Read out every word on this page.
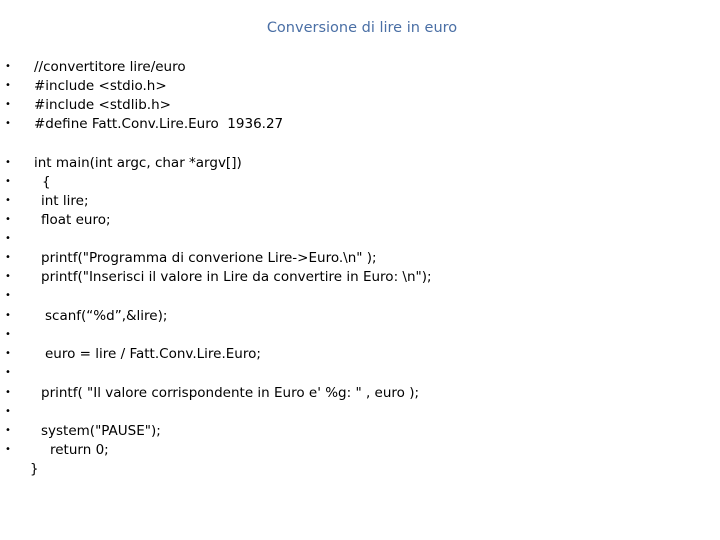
Conversione di lire in euro
• //convertitore lire/euro
• #include <stdio.h>
• #include <stdlib.h>
• #define Fatt.Conv.Lire.Euro  1936.27
• int main(int argc, char *argv[])
• {
• int lire;
• float euro;
•
• printf("Programma di converione Lire->Euro.\n" );
• printf("Inserisci il valore in Lire da convertire in Euro: \n");
•
•	scanf(“%d”,&lire);
•
•	euro = lire / Fatt.Conv.Lire.Euro;
•
• printf( "Il valore corrispondente in Euro e' %g: " , euro );
•
• system("PAUSE");
•	return 0;
}
